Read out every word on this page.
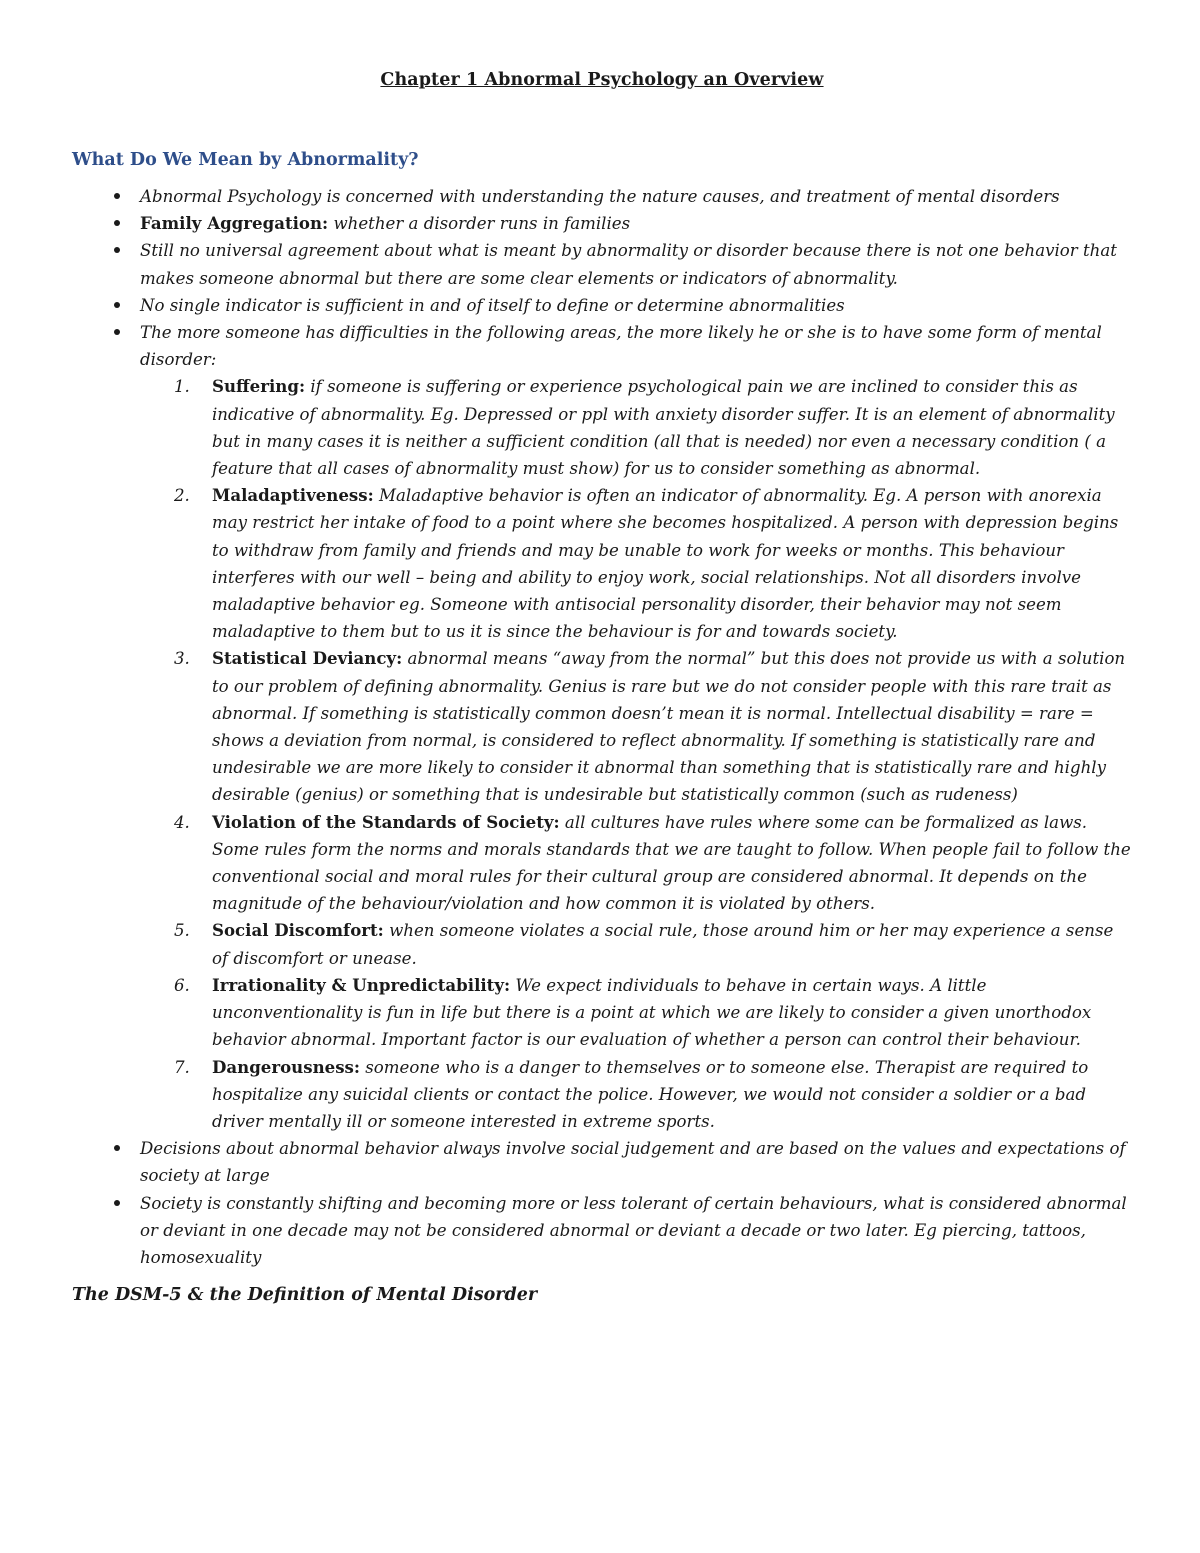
Chapter 1 Abnormal Psychology an Overview
What Do We Mean by Abnormality?
Abnormal Psychology is concerned with understanding the nature causes, and treatment of mental disorders
Family Aggregation: whether a disorder runs in families
Still no universal agreement about what is meant by abnormality or disorder because there is not one behavior that makes someone abnormal but there are some clear elements or indicators of abnormality.
No single indicator is sufficient in and of itself to define or determine abnormalities
The more someone has difficulties in the following areas, the more likely he or she is to have some form of mental disorder:
1. Suffering: if someone is suffering or experience psychological pain we are inclined to consider this as indicative of abnormality. Eg. Depressed or ppl with anxiety disorder suffer. It is an element of abnormality but in many cases it is neither a sufficient condition (all that is needed) nor even a necessary condition ( a feature that all cases of abnormality must show) for us to consider something as abnormal.
2. Maladaptiveness: Maladaptive behavior is often an indicator of abnormality. Eg. A person with anorexia may restrict her intake of food to a point where she becomes hospitalized. A person with depression begins to withdraw from family and friends and may be unable to work for weeks or months. This behaviour interferes with our well – being and ability to enjoy work, social relationships. Not all disorders involve maladaptive behavior eg. Someone with antisocial personality disorder, their behavior may not seem maladaptive to them but to us it is since the behaviour is for and towards society.
3. Statistical Deviancy: abnormal means “away from the normal” but this does not provide us with a solution to our problem of defining abnormality. Genius is rare but we do not consider people with this rare trait as abnormal. If something is statistically common doesn’t mean it is normal. Intellectual disability = rare = shows a deviation from normal, is considered to reflect abnormality. If something is statistically rare and undesirable we are more likely to consider it abnormal than something that is statistically rare and highly desirable (genius) or something that is undesirable but statistically common (such as rudeness)
4. Violation of the Standards of Society: all cultures have rules where some can be formalized as laws. Some rules form the norms and morals standards that we are taught to follow. When people fail to follow the conventional social and moral rules for their cultural group are considered abnormal. It depends on the magnitude of the behaviour/violation and how common it is violated by others.
5. Social Discomfort: when someone violates a social rule, those around him or her may experience a sense of discomfort or unease.
6. Irrationality & Unpredictability: We expect individuals to behave in certain ways. A little unconventionality is fun in life but there is a point at which we are likely to consider a given unorthodox behavior abnormal. Important factor is our evaluation of whether a person can control their behaviour.
7. Dangerousness: someone who is a danger to themselves or to someone else. Therapist are required to hospitalize any suicidal clients or contact the police. However, we would not consider a soldier or a bad driver mentally ill or someone interested in extreme sports.
Decisions about abnormal behavior always involve social judgement and are based on the values and expectations of society at large
Society is constantly shifting and becoming more or less tolerant of certain behaviours, what is considered abnormal or deviant in one decade may not be considered abnormal or deviant a decade or two later. Eg piercing, tattoos, homosexuality
The DSM-5 & the Definition of Mental Disorder
